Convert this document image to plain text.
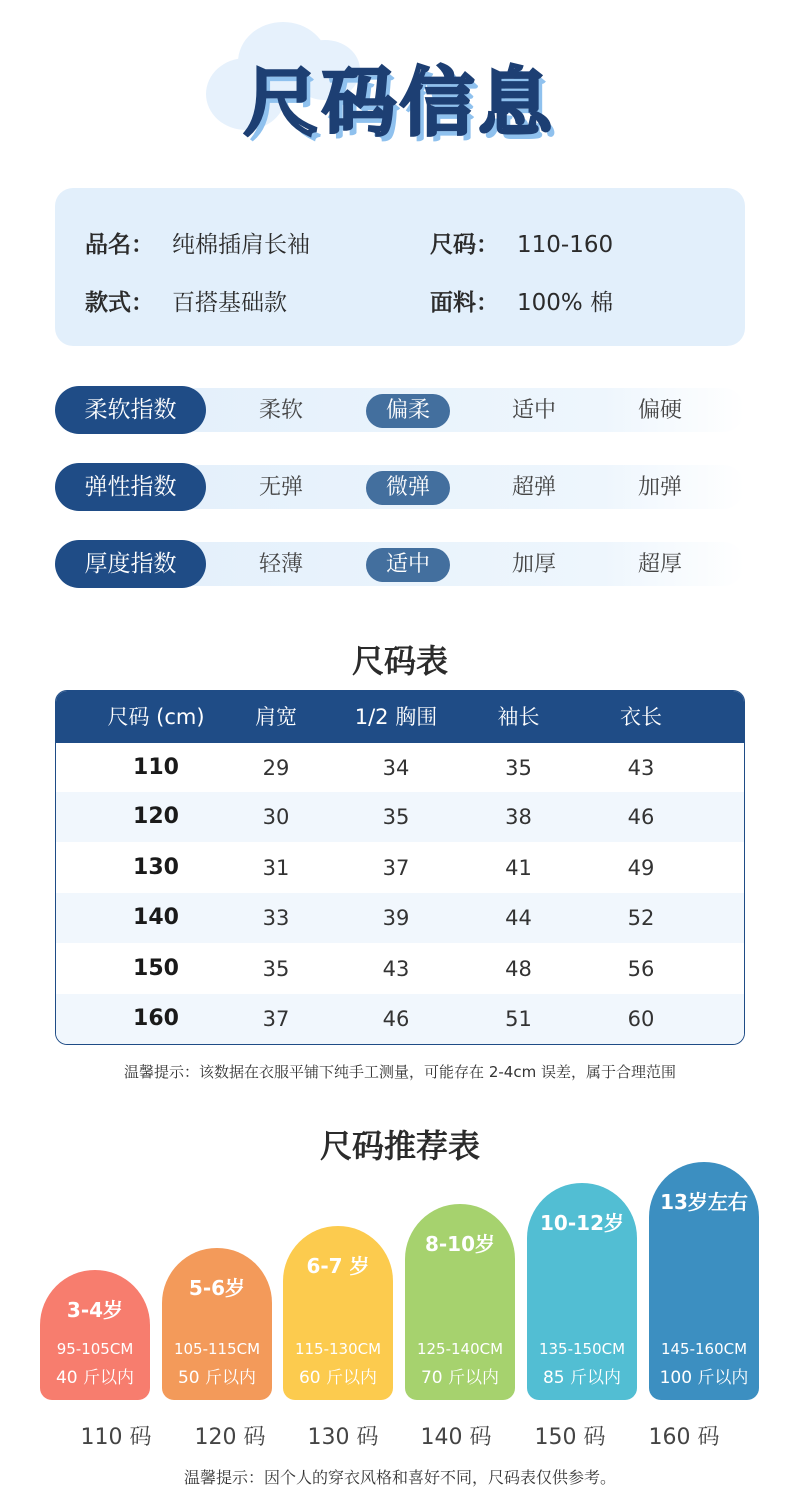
尺码信息
品名： 纯棉插肩长袖	尺码： 110-160
款式： 百搭基础款	面料： 100% 棉
柔软指数	柔软	偏柔	适中	偏硬
弹性指数	无弹	微弹	超弹	加弹
厚度指数	轻薄	适中	加厚	超厚
尺码表
尺码 (cm)	肩宽	1/2 胸围	袖长	衣长
110	29	34	35	43
120	30	35	38	46
130	31	37	41	49
140	33	39	44	52
150	35	43	48	56
160	37	46	51	60
温馨提示：该数据在衣服平铺下纯手工测量，可能存在 2-4cm 误差，属于合理范围
尺码推荐表
3-4岁
95-105CM
40 斤以内
5-6岁
105-115CM
50 斤以内
6-7 岁
115-130CM
60 斤以内
8-10岁
125-140CM
70 斤以内
10-12岁
135-150CM
85 斤以内
13岁左右
145-160CM
100 斤以内
110 码	120 码	130 码	140 码	150 码	160 码
温馨提示：因个人的穿衣风格和喜好不同，尺码表仅供参考。
